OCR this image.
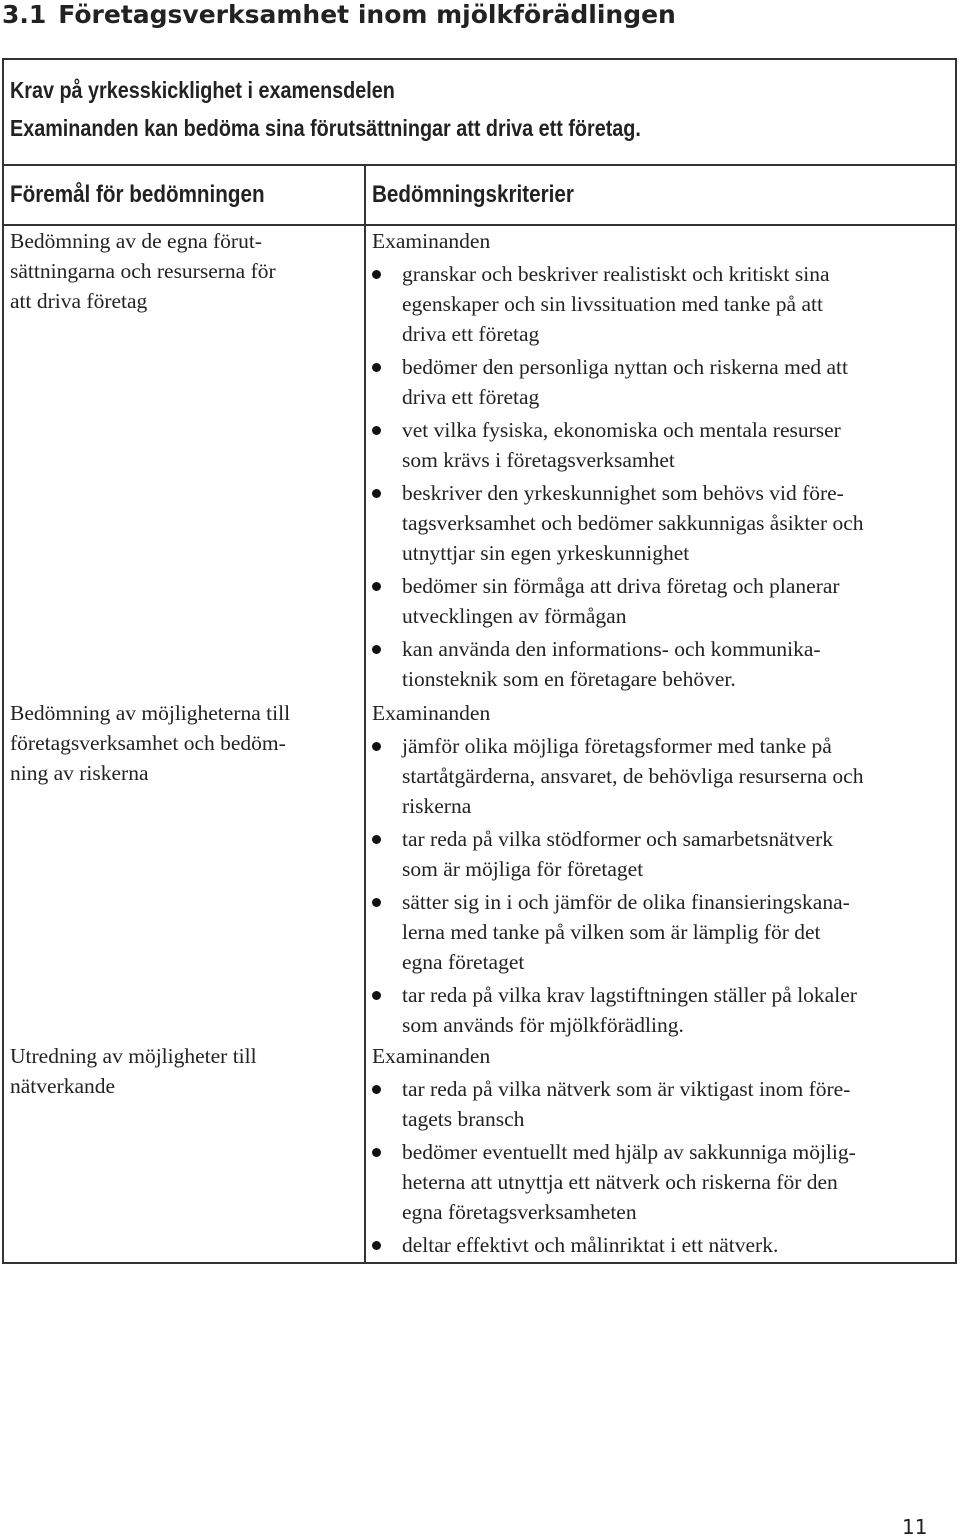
3.1 Företagsverksamhet inom mjölkförädlingen
Krav på yrkesskicklighet i examensdelen
Examinanden kan bedöma sina förutsättningar att driva ett företag.
Föremål för bedömningen	Bedömningskriterier
Bedömning av de egna förut-
sättningarna och resurserna för
att driva företag
Examinanden
granskar och beskriver realistiskt och kritiskt sina
egenskaper och sin livssituation med tanke på att
driva ett företag
bedömer den personliga nyttan och riskerna med att
driva ett företag
vet vilka fysiska, ekonomiska och mentala resurser
som krävs i företagsverksamhet
beskriver den yrkeskunnighet som behövs vid före-
tagsverksamhet och bedömer sakkunnigas åsikter och
utnyttjar sin egen yrkeskunnighet
bedömer sin förmåga att driva företag och planerar
utvecklingen av förmågan
kan använda den informations- och kommunika-
tionsteknik som en företagare behöver.
Bedömning av möjligheterna till
företagsverksamhet och bedöm-
ning av riskerna
Examinanden
jämför olika möjliga företagsformer med tanke på
startåtgärderna, ansvaret, de behövliga resurserna och
riskerna
tar reda på vilka stödformer och samarbetsnätverk
som är möjliga för företaget
sätter sig in i och jämför de olika finansieringskana-
lerna med tanke på vilken som är lämplig för det
egna företaget
tar reda på vilka krav lagstiftningen ställer på lokaler
som används för mjölkförädling.
Utredning av möjligheter till
nätverkande
Examinanden
tar reda på vilka nätverk som är viktigast inom före-
tagets bransch
bedömer eventuellt med hjälp av sakkunniga möjlig-
heterna att utnyttja ett nätverk och riskerna för den
egna företagsverksamheten
deltar effektivt och målinriktat i ett nätverk.
11
